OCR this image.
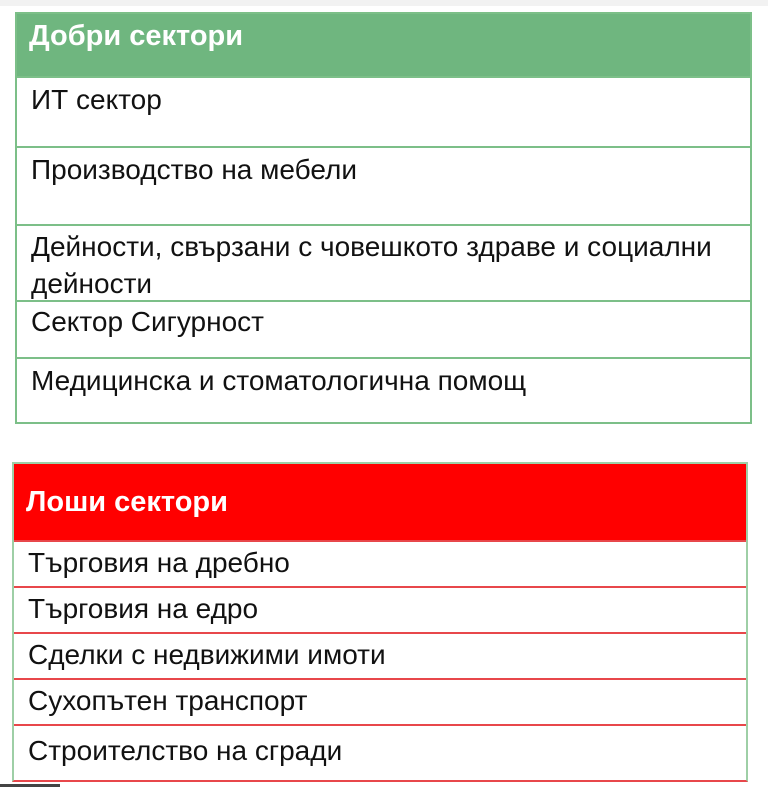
Добри сектори
ИТ сектор
Производство на мебели
Дейности, свързани с човешкото здраве и социални дейности
Сектор Сигурност
Медицинска и стоматологична помощ
Лоши сектори
Търговия на дребно
Търговия на едро
Сделки с недвижими имоти
Сухопътен транспорт
Строителство на сгради
